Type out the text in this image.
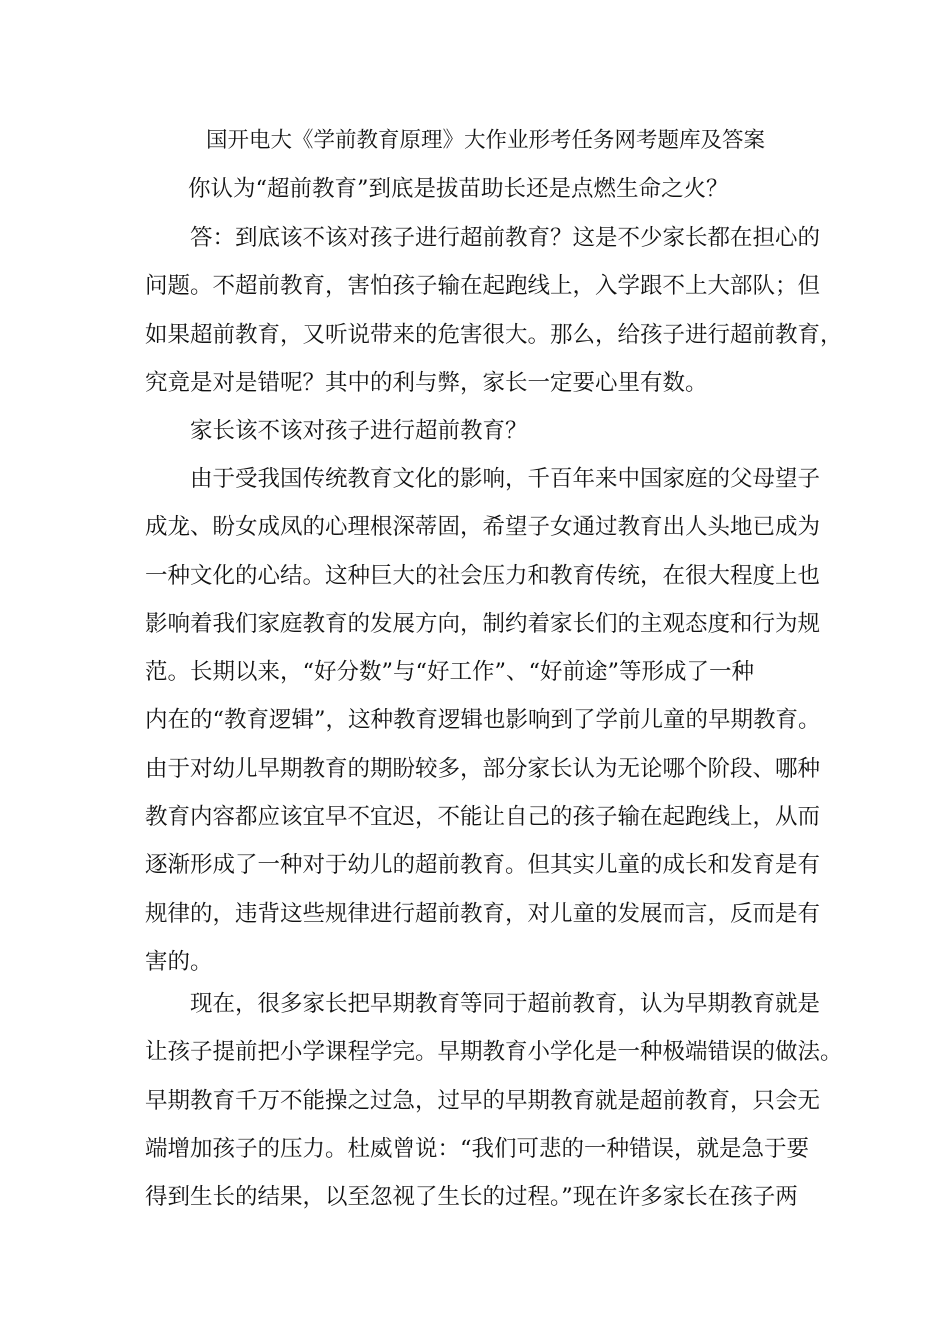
国开电大《学前教育原理》大作业形考任务网考题库及答案
你认为“超前教育”到底是拔苗助长还是点燃生命之火？
答：到底该不该对孩子进行超前教育？这是不少家长都在担心的
问题。不超前教育，害怕孩子输在起跑线上，入学跟不上大部队；但
如果超前教育，又听说带来的危害很大。那么，给孩子进行超前教育，
究竟是对是错呢？其中的利与弊，家长一定要心里有数。
家长该不该对孩子进行超前教育？
由于受我国传统教育文化的影响，千百年来中国家庭的父母望子
成龙、盼女成凤的心理根深蒂固，希望子女通过教育出人头地已成为
一种文化的心结。这种巨大的社会压力和教育传统，在很大程度上也
影响着我们家庭教育的发展方向，制约着家长们的主观态度和行为规
范。长期以来，“好分数”与“好工作”、“好前途”等形成了一种
内在的“教育逻辑”，这种教育逻辑也影响到了学前儿童的早期教育。
由于对幼儿早期教育的期盼较多，部分家长认为无论哪个阶段、哪种
教育内容都应该宜早不宜迟，不能让自己的孩子输在起跑线上，从而
逐渐形成了一种对于幼儿的超前教育。但其实儿童的成长和发育是有
规律的，违背这些规律进行超前教育，对儿童的发展而言，反而是有
害的。
现在，很多家长把早期教育等同于超前教育，认为早期教育就是
让孩子提前把小学课程学完。早期教育小学化是一种极端错误的做法。
早期教育千万不能操之过急，过早的早期教育就是超前教育，只会无
端增加孩子的压力。杜威曾说：“我们可悲的一种错误，就是急于要
得到生长的结果，以至忽视了生长的过程。”现在许多家长在孩子两
